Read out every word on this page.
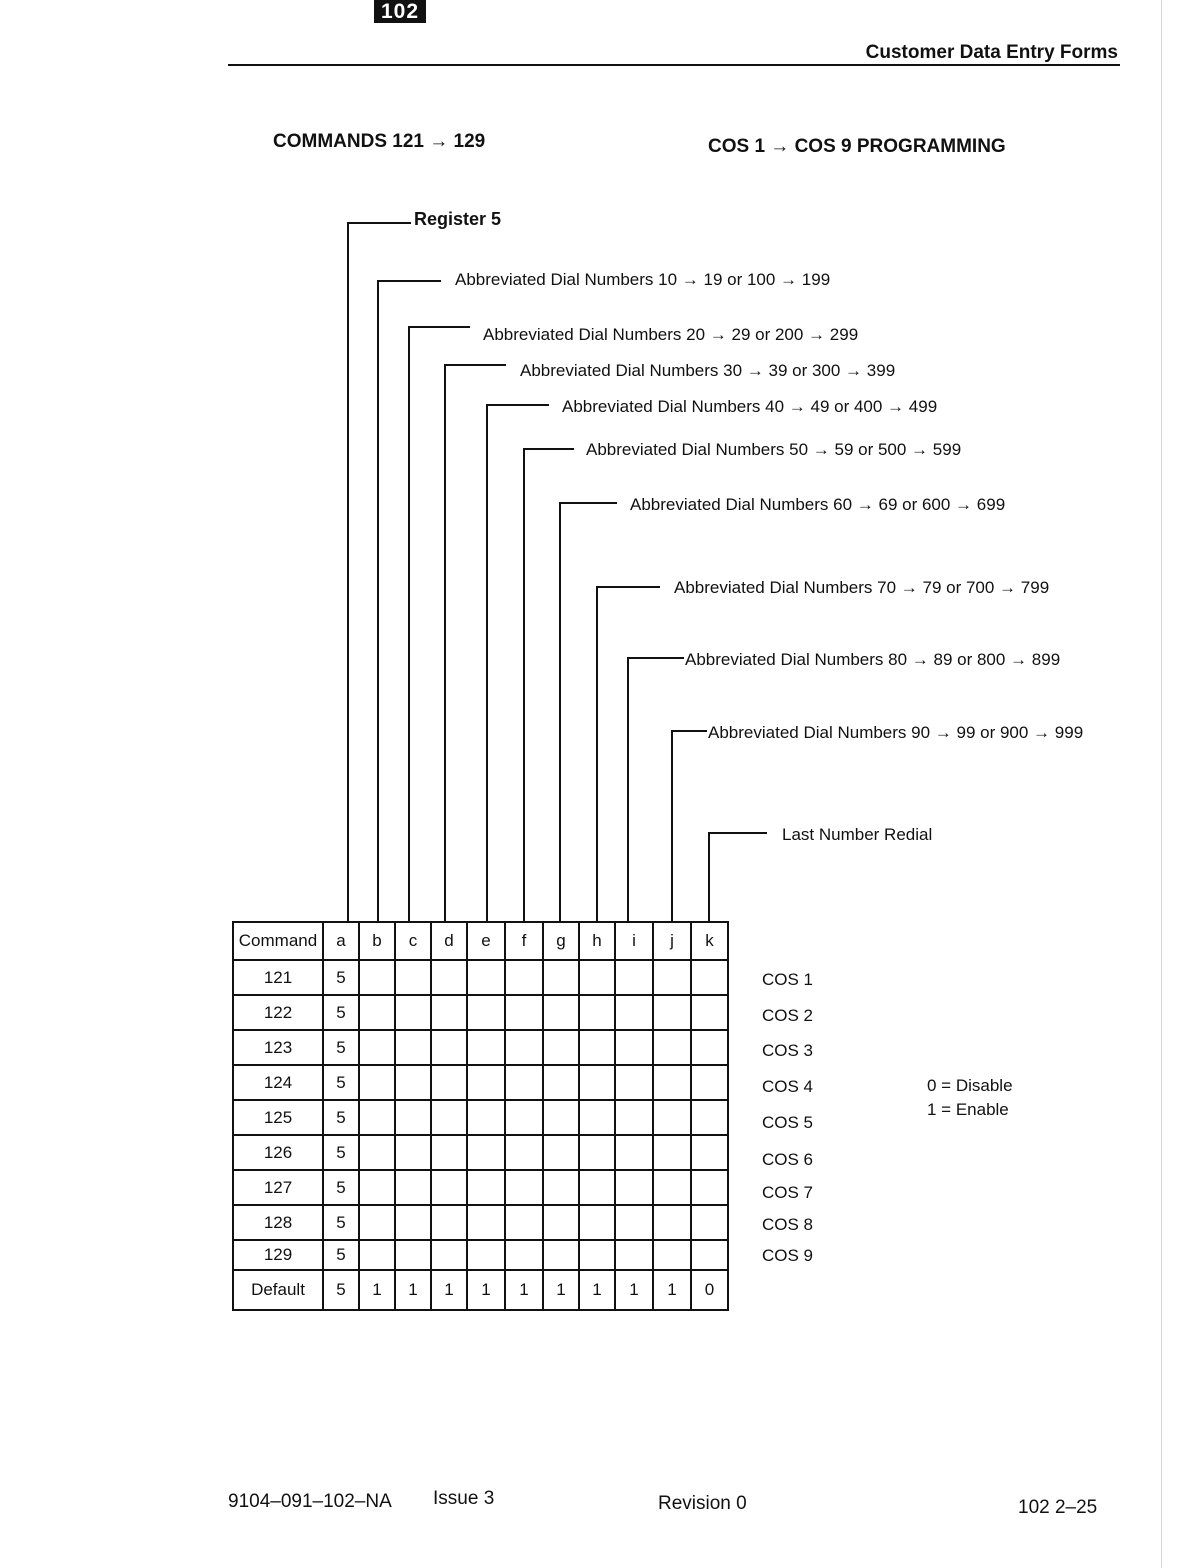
102
Customer Data Entry Forms
COMMANDS 121 → 129	COS 1 → COS 9 PROGRAMMING
Register 5
Abbreviated Dial Numbers 10 → 19 or 100 → 199
Abbreviated Dial Numbers 20 → 29 or 200 → 299
Abbreviated Dial Numbers 30 → 39 or 300 → 399
Abbreviated Dial Numbers 40 → 49 or 400 → 499
Abbreviated Dial Numbers 50 → 59 or 500 → 599
Abbreviated Dial Numbers 60 → 69 or 600 → 699
Abbreviated Dial Numbers 70 → 79 or 700 → 799
Abbreviated Dial Numbers 80 → 89 or 800 → 899
Abbreviated Dial Numbers 90 → 99 or 900 → 999
Last Number Redial
Command	a	b	c	d	e	f	g	h	i	j	k
121	5										
122	5										
123	5										
124	5										
125	5										
126	5										
127	5										
128	5										
129	5										
Default	5	1	1	1	1	1	1	1	1	1	0
COS 1
COS 2
COS 3
COS 4
COS 5
COS 6
COS 7
COS 8
COS 9
0 = Disable
1 = Enable
9104–091–102–NA Issue 3	Revision 0	102 2–25
